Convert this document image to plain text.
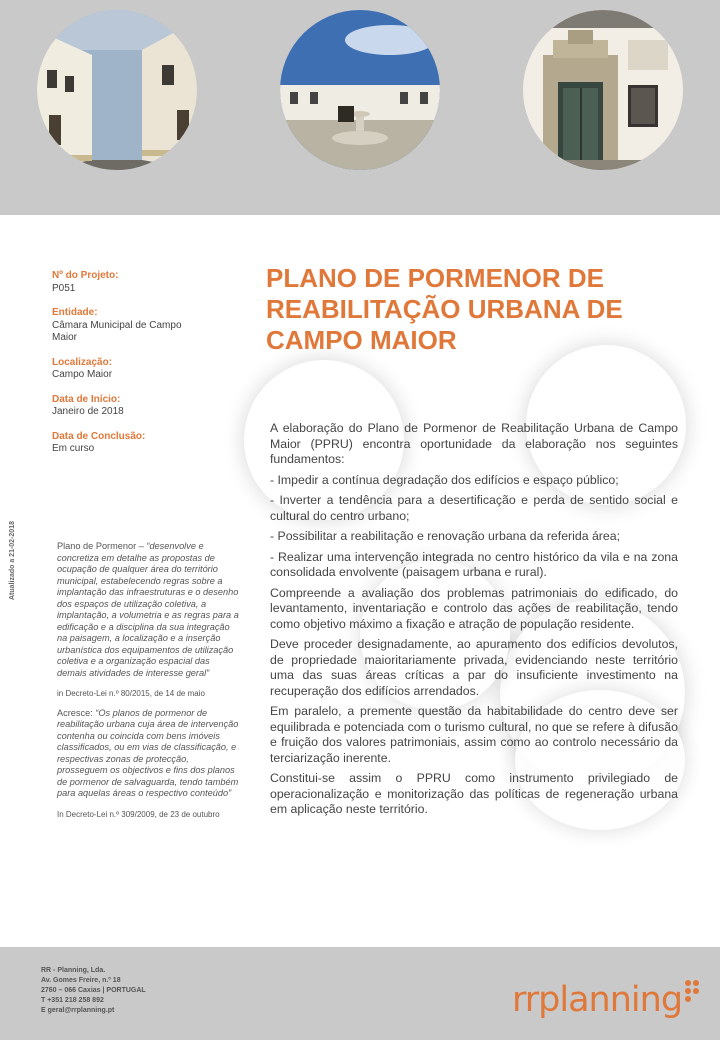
Nº do Projeto:
P051
Entidade:
Câmara Municipal de Campo Maior
Localização:
Campo Maior
Data de Início:
Janeiro de 2018
Data de Conclusão:
Em curso
Atualizado a 21-02-2018	Plano de Pormenor – “desenvolve e concretiza em detalhe as propostas de ocupação de qualquer área do território municipal, estabelecendo regras sobre a implantação das infraestruturas e o desenho dos espaços de utilização coletiva, a implantação, a volumetria e as regras para a edificação e a disciplina da sua integração na paisagem, a localização e a inserção urbanística dos equipamentos de utilização coletiva e a organização espacial das demais atividades de interesse geral”
in Decreto-Lei n.º 80/2015, de 14 de maio
Acresce: “Os planos de pormenor de reabilitação urbana cuja área de intervenção contenha ou coincida com bens imóveis classificados, ou em vias de classificação, e respectivas zonas de protecção, prosseguem os objectivos e fins dos planos de pormenor de salvaguarda, tendo também para aquelas áreas o respectivo conteúdo”
In Decreto-Lei n.º 309/2009, de 23 de outubro
PLANO DE PORMENOR DE REABILITAÇÃO URBANA DE CAMPO MAIOR

A elaboração do Plano de Pormenor de Reabilitação Urbana de Campo Maior (PPRU) encontra oportunidade da elaboração nos seguintes fundamentos:

- Impedir a contínua degradação dos edifícios e espaço público;

- Inverter a tendência para a desertificação e perda de sentido social e cultural do centro urbano;

- Possibilitar a reabilitação e renovação urbana da referida área;

- Realizar uma intervenção integrada no centro histórico da vila e na zona consolidada envolvente (paisagem urbana e rural).

Compreende a avaliação dos problemas patrimoniais do edificado, do levantamento, inventariação e controlo das ações de reabilitação, tendo como objetivo máximo a fixação e atração de população residente.

Deve proceder designadamente, ao apuramento dos edifícios devolutos, de propriedade maioritariamente privada, evidenciando neste território uma das suas áreas críticas a par do insuficiente investimento na recuperação dos edifícios arrendados.

Em paralelo, a premente questão da habitabilidade do centro deve ser equilibrada e potenciada com o turismo cultural, no que se refere à difusão e fruição dos valores patrimoniais, assim como ao controlo necessário da terciarização inerente.

Constitui-se assim o PPRU como instrumento privilegiado de operacionalização e monitorização das políticas de regeneração urbana em aplicação neste território.

RR - Planning, Lda.
Av. Gomes Freire, n.º 18
2760 – 066 Caxias | PORTUGAL
T +351 218 258 892
E geral@rrplanning.pt	rrplanning
